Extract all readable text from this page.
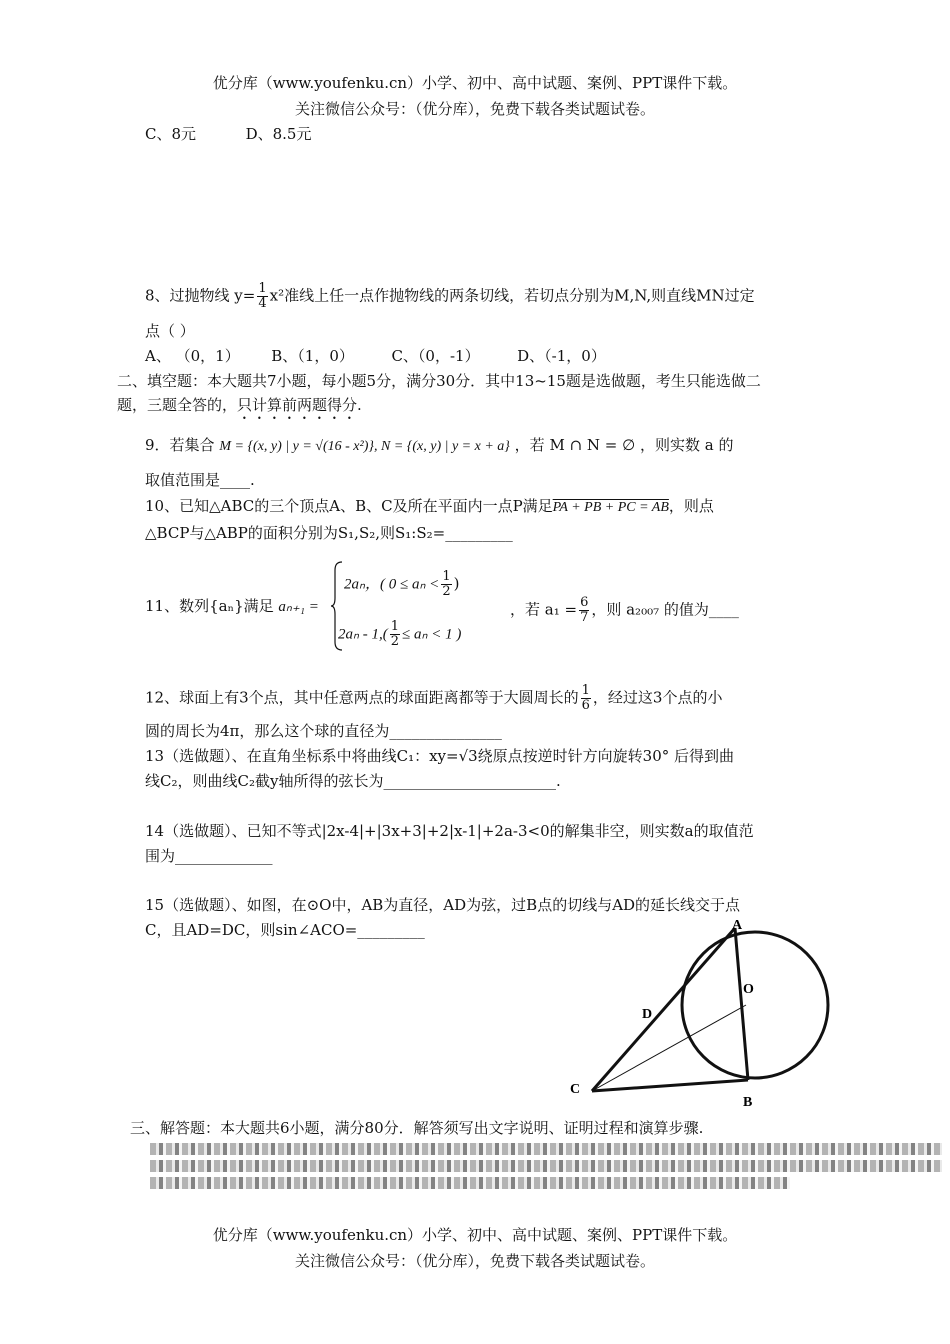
优分库（www.youfenku.cn）小学、初中、高中试题、案例、PPT课件下载。
关注微信公众号：（优分库），免费下载各类试题试卷。
C、8元	D、8.5元
8、过抛物线 $y= \frac{1}{4} x^2$准线上任一点作抛物线的两条切线，若切点分别为M,N,则直线MN过定
点（ ）
A、 （0，1） B、（1，0）	C、（0，-1）	D、（-1，0）
二、填空题：本大题共7小题，每小题5分，满分30分．其中13~15题是选做题，考生只能选做二
题，三题全答的，只计算前两题得分.
9．若集合 M = {(x, y) | y = √(16 - x²)}, N = {(x, y) | y = x + a} ，若 M ∩ N = ∅ ，则实数 a 的
取值范围是____.
10、已知△ABC的三个顶点A、B、C及所在平面内一点P满足PA + PB + PC = AB，则点
△BCP与△ABP的面积分别为S₁,S₂,则S₁:S₂=_________
11、数列{aₙ}满足 aₙ₊₁ =
2aₙ，( $0 \le a_n < \frac{1}{2}$ )
$2a_n - 1,( \frac{1}{2} \le a_n < 1$ )
，若 $a_1 = \frac{6}{7}$ ，则 a₂₀₀₇ 的值为____
12、球面上有3个点，其中任意两点的球面距离都等于大圆周长的 $\frac{1}{6}$ ，经过这3个点的小
圆的周长为4π，那么这个球的直径为_______________
13（选做题）、在直角坐标系中将曲线C₁：xy=√3绕原点按逆时针方向旋转30° 后得到曲
线C₂，则曲线C₂截y轴所得的弦长为_______________________.
14（选做题）、已知不等式|2x-4|+|3x+3|+2|x-1|+2a-3<0的解集非空，则实数a的取值范
围为_____________
15（选做题）、如图，在⊙O中，AB为直径，AD为弦，过B点的切线与AD的延长线交于点
C，且AD=DC，则sin∠ACO=_________	A
O
D
C
B
三、解答题：本大题共6小题，满分80分．解答须写出文字说明、证明过程和演算步骤.
优分库（www.youfenku.cn）小学、初中、高中试题、案例、PPT课件下载。
关注微信公众号：（优分库），免费下载各类试题试卷。
